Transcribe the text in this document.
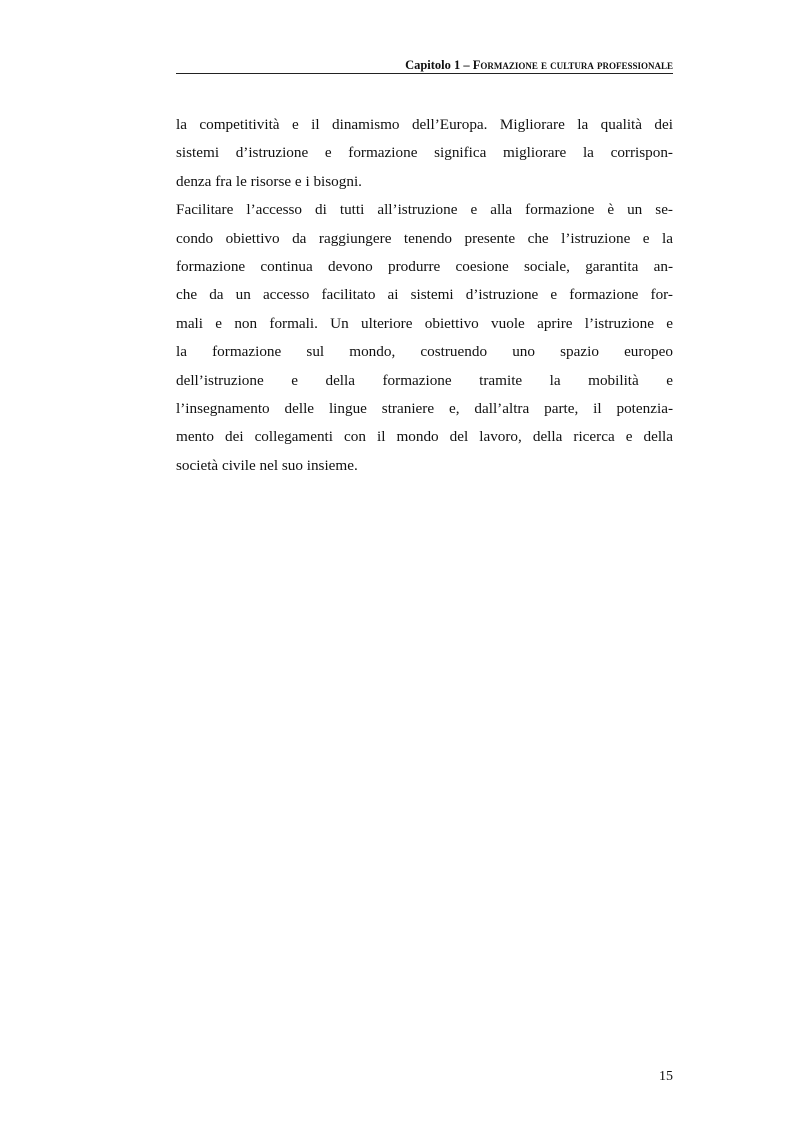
Capitolo 1 – Formazione e cultura professionale

la competitività e il dinamismo dell’Europa. Migliorare la qualità dei
sistemi d’istruzione e formazione significa migliorare la corrispon-
denza fra le risorse e i bisogni.

Facilitare l’accesso di tutti all’istruzione e alla formazione è un se-
condo obiettivo da raggiungere tenendo presente che l’istruzione e la
formazione continua devono produrre coesione sociale, garantita an-
che da un accesso facilitato ai sistemi d’istruzione e formazione for-
mali e non formali. Un ulteriore obiettivo vuole aprire l’istruzione e
la formazione sul mondo, costruendo uno spazio europeo
dell’istruzione e della formazione tramite la mobilità e
l’insegnamento delle lingue straniere e, dall’altra parte, il potenzia-
mento dei collegamenti con il mondo del lavoro, della ricerca e della
società civile nel suo insieme.

15
